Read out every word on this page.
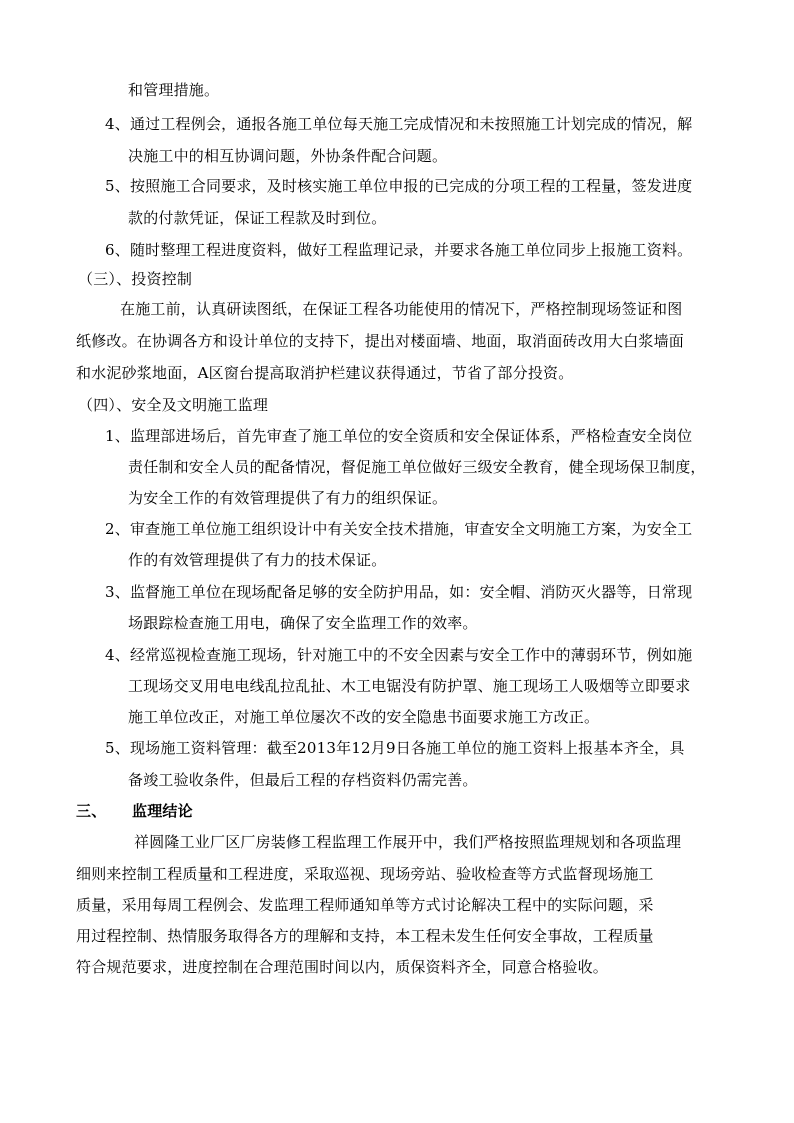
和管理措施。
4、通过工程例会，通报各施工单位每天施工完成情况和未按照施工计划完成的情况，解
决施工中的相互协调问题，外协条件配合问题。
5、按照施工合同要求，及时核实施工单位申报的已完成的分项工程的工程量，签发进度
款的付款凭证，保证工程款及时到位。
6、随时整理工程进度资料，做好工程监理记录，并要求各施工单位同步上报施工资料。
（三）、投资控制
在施工前，认真研读图纸，在保证工程各功能使用的情况下，严格控制现场签证和图
纸修改。在协调各方和设计单位的支持下，提出对楼面墙、地面，取消面砖改用大白浆墙面
和水泥砂浆地面，A区窗台提高取消护栏建议获得通过，节省了部分投资。
（四）、安全及文明施工监理
1、监理部进场后，首先审查了施工单位的安全资质和安全保证体系，严格检查安全岗位
责任制和安全人员的配备情况，督促施工单位做好三级安全教育，健全现场保卫制度，
为安全工作的有效管理提供了有力的组织保证。
2、审查施工单位施工组织设计中有关安全技术措施，审查安全文明施工方案，为安全工
作的有效管理提供了有力的技术保证。
3、监督施工单位在现场配备足够的安全防护用品，如：安全帽、消防灭火器等，日常现
场跟踪检查施工用电，确保了安全监理工作的效率。
4、经常巡视检查施工现场，针对施工中的不安全因素与安全工作中的薄弱环节，例如施
工现场交叉用电电线乱拉乱扯、木工电锯没有防护罩、施工现场工人吸烟等立即要求
施工单位改正，对施工单位屡次不改的安全隐患书面要求施工方改正。
5、现场施工资料管理：截至2013年12月9日各施工单位的施工资料上报基本齐全，具
备竣工验收条件，但最后工程的存档资料仍需完善。
三、 监理结论
祥圆隆工业厂区厂房装修工程监理工作展开中，我们严格按照监理规划和各项监理
细则来控制工程质量和工程进度，采取巡视、现场旁站、验收检查等方式监督现场施工
质量，采用每周工程例会、发监理工程师通知单等方式讨论解决工程中的实际问题，采
用过程控制、热情服务取得各方的理解和支持，本工程未发生任何安全事故，工程质量
符合规范要求，进度控制在合理范围时间以内，质保资料齐全，同意合格验收。
